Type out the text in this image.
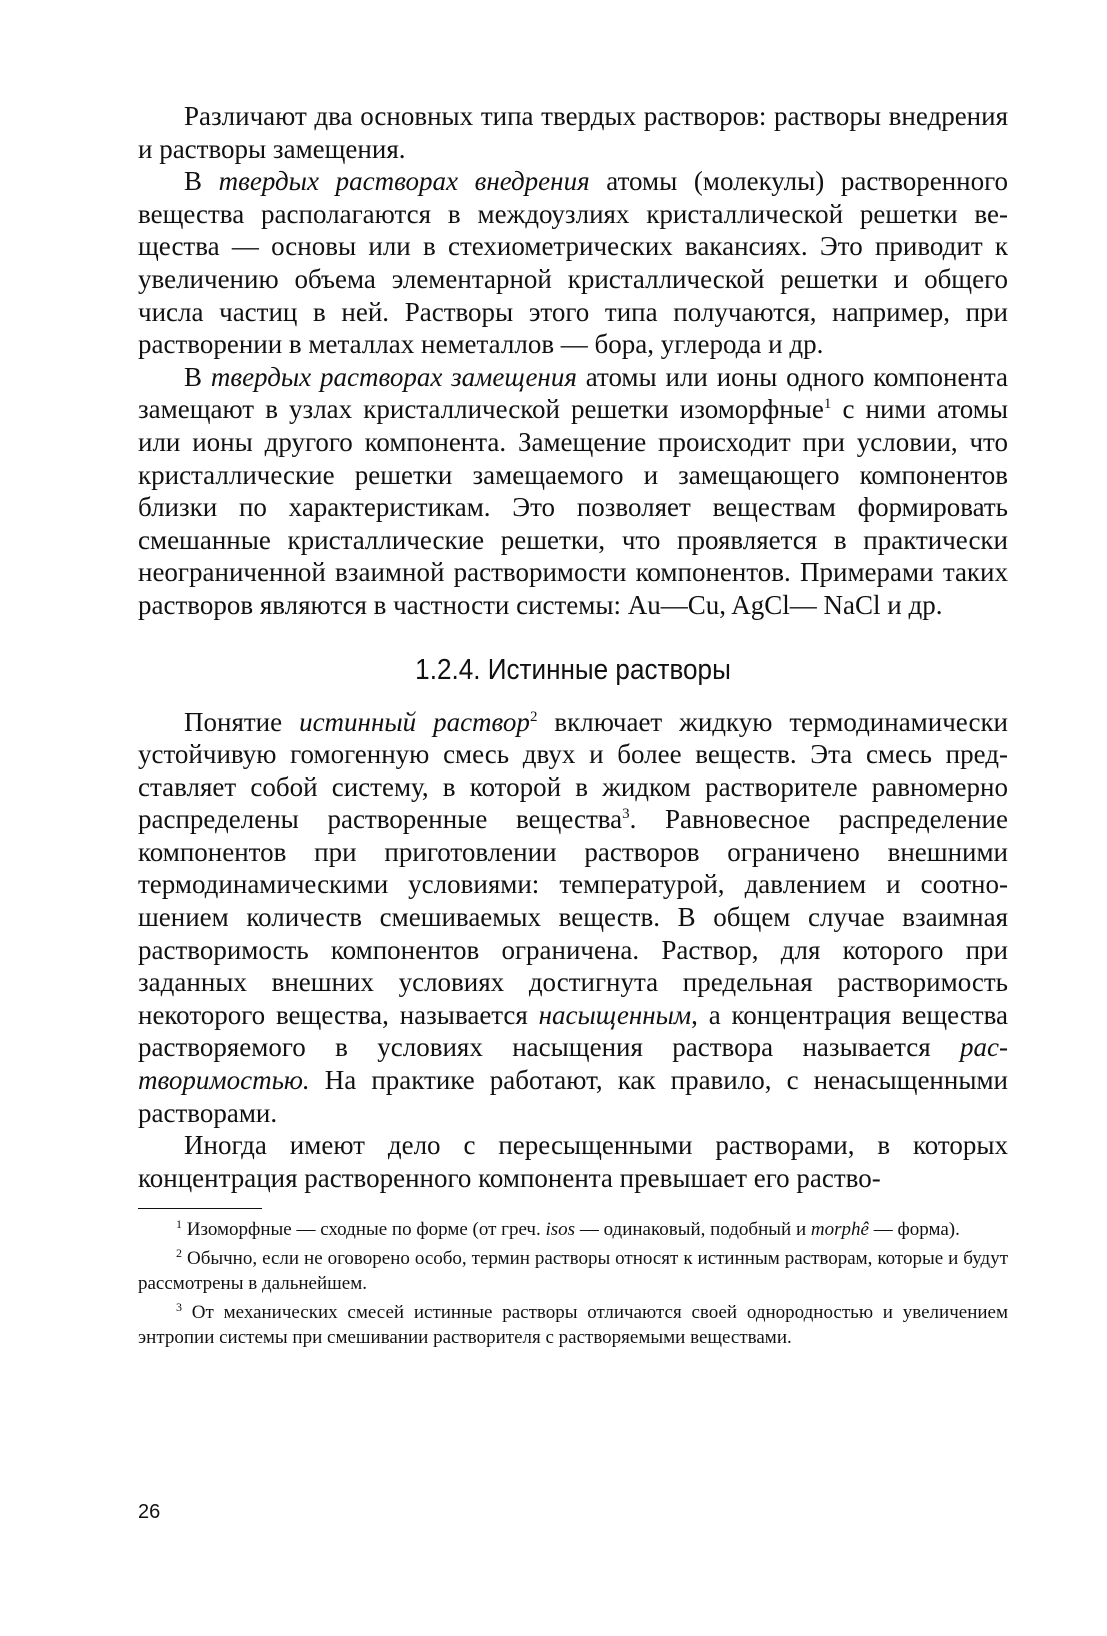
Различают два основных типа твердых растворов: растворы внедрения и растворы замещения.

В твердых растворах внедрения атомы (молекулы) растворенного вещества располагаются в междоузлиях кристаллической решетки вещества — основы или в стехиометрических вакансиях. Это приводит к увеличению объема элементарной кристаллической решетки и общего числа частиц в ней. Растворы этого типа получаются, например, при растворении в металлах неметаллов — бора, углерода и др.

В твердых растворах замещения атомы или ионы одного компонента замещают в узлах кристаллической решетки изоморфные$^1$ с ними атомы или ионы другого компонента. Замещение происходит при условии, что кристаллические решетки замещаемого и замещающего компонентов близки по характеристикам. Это позволяет веществам формировать смешанные кристаллические решетки, что проявляется в практически неограниченной взаимной растворимости компонентов. Примерами таких растворов являются в частности системы: Au—Cu, AgCl— NaCl и др.

1.2.4. Истинные растворы

Понятие истинный раствор$^2$ включает жидкую термодинамически устойчивую гомогенную смесь двух и более веществ. Эта смесь представляет собой систему, в которой в жидком растворителе равномерно распределены растворенные вещества$^3$. Равновесное распределение компонентов при приготовлении растворов ограничено внешними термодинамическими условиями: температурой, давлением и соотношением количеств смешиваемых веществ. В общем случае взаимная растворимость компонентов ограничена. Раствор, для которого при заданных внешних условиях достигнута предельная растворимость некоторого вещества, называется насыщенным, а концентрация вещества растворяемого в условиях насыщения раствора называется растворимостью. На практике работают, как правило, с ненасыщенными растворами.

Иногда имеют дело с пересыщенными растворами, в которых концентрация растворенного компонента превышает его раство-

$^1$ Изоморфные — сходные по форме (от греч. isos — одинаковый, подобный и morphê — форма).

$^2$ Обычно, если не оговорено особо, термин растворы относят к истинным растворам, которые и будут рассмотрены в дальнейшем.

$^3$ От механических смесей истинные растворы отличаются своей однородностью и увеличением энтропии системы при смешивании растворителя с растворяемыми веществами.

26
